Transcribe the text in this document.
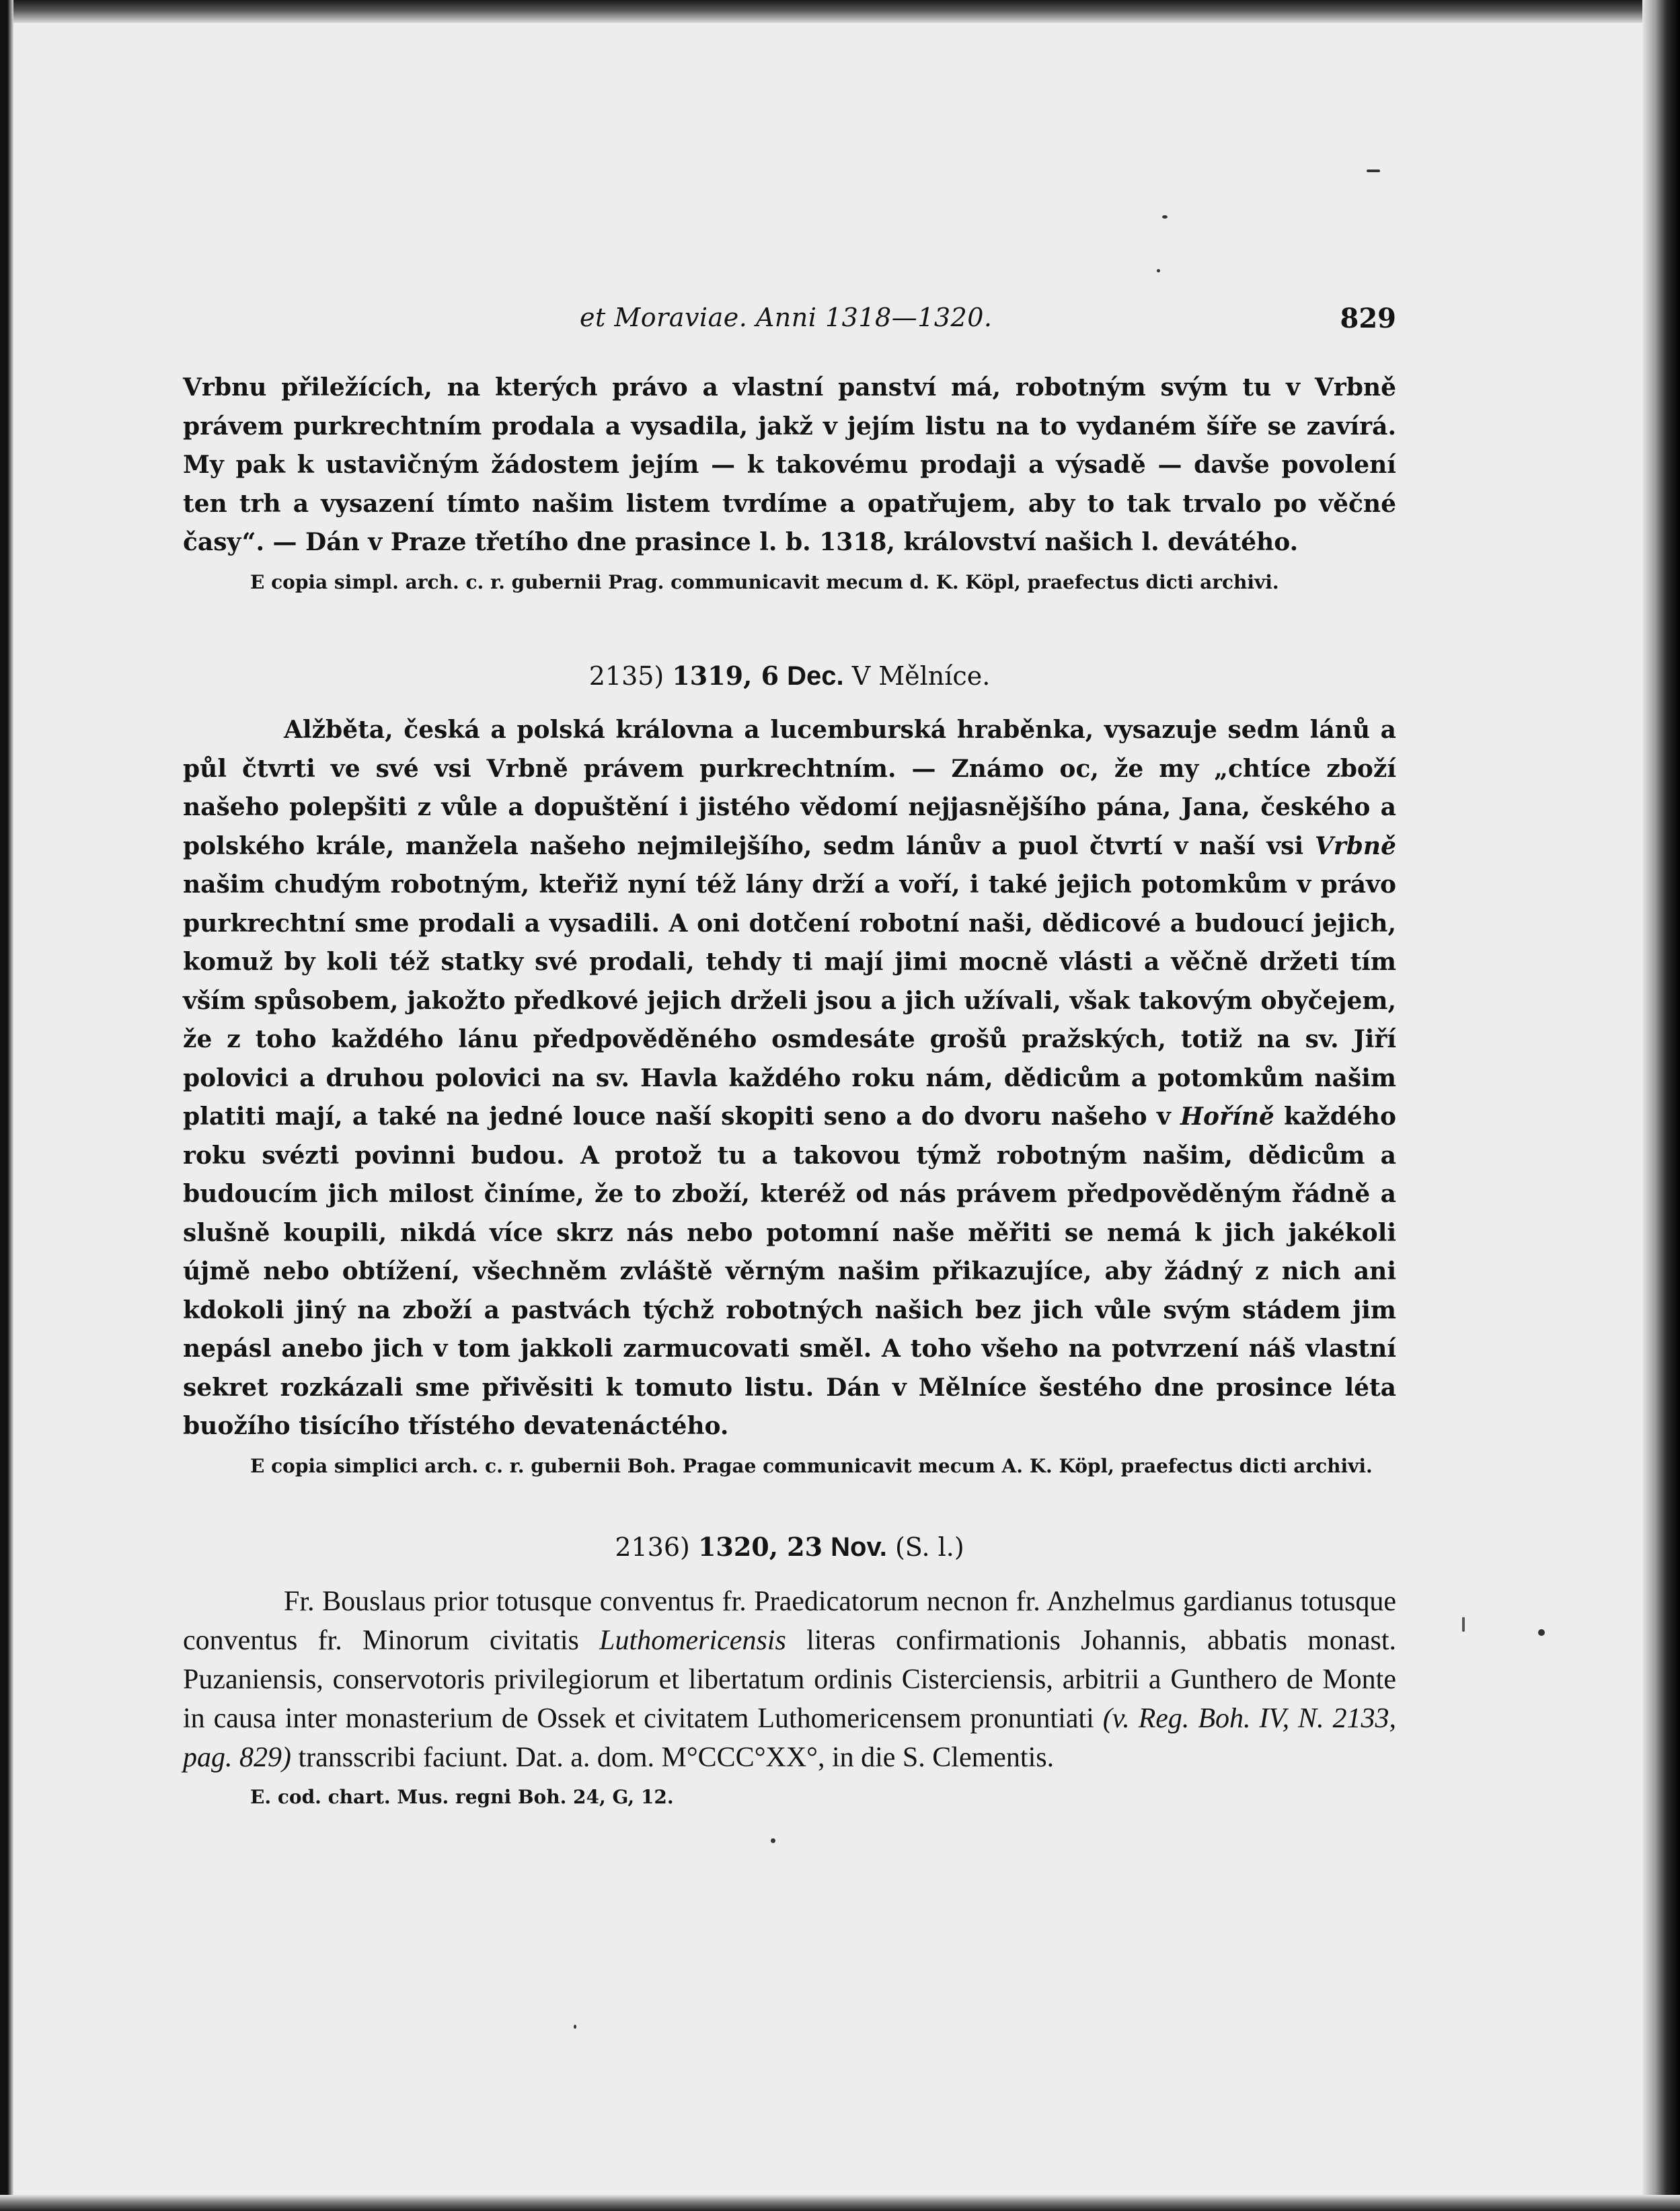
et Moraviae. Anni 1318—1320.	829

Vrbnu přiležících, na kterých právo a vlastní panství má, robotným svým tu v Vrbně právem purkrechtním prodala a vysadila, jakž v jejím listu na to vydaném šíře se zavírá. My pak k ustavičným žádostem jejím — k takovému prodaji a výsadě — davše povolení ten trh a vysazení tímto našim listem tvrdíme a opatřujem, aby to tak trvalo po věčné časy“. — Dán v Praze třetího dne prasince l. b. 1318, království našich l. devátého.

E copia simpl. arch. c. r. gubernii Prag. communicavit mecum d. K. Köpl, praefectus dicti archivi.

2135) 1319, 6 Dec. V Mělníce.

Alžběta, česká a polská královna a lucemburská hraběnka, vysazuje sedm lánů a půl čtvrti ve své vsi Vrbně právem purkrechtním. — Známo oc, že my „chtíce zboží našeho polepšiti z vůle a dopuštění i jistého vědomí nejjasnějšího pána, Jana, českého a polského krále, manžela našeho nejmilejšího, sedm lánův a puol čtvrtí v naší vsi Vrbně našim chudým robotným, kteřiž nyní též lány drží a voří, i také jejich potomkům v právo purkrechtní sme prodali a vysadili. A oni dotčení robotní naši, dědicové a budoucí jejich, komuž by koli též statky své prodali, tehdy ti mají jimi mocně vlásti a věčně držeti tím vším spůsobem, jakožto předkové jejich drželi jsou a jich užívali, však takovým obyčejem, že z toho každého lánu předpověděného osmdesáte grošů pražských, totiž na sv. Jiří polovici a druhou polovici na sv. Havla každého roku nám, dědicům a potomkům našim platiti mají, a také na jedné louce naší skopiti seno a do dvoru našeho v Hoříně každého roku svézti povinni budou. A protož tu a takovou týmž robotným našim, dědicům a budoucím jich milost činíme, že to zboží, kteréž od nás právem předpověděným řádně a slušně koupili, nikdá více skrz nás nebo potomní naše měřiti se nemá k jich jakékoli újmě nebo obtížení, všechněm zvláště věrným našim přikazujíce, aby žádný z nich ani kdokoli jiný na zboží a pastvách týchž robotných našich bez jich vůle svým stádem jim nepásl anebo jich v tom jakkoli zarmucovati směl. A toho všeho na potvrzení náš vlastní sekret rozkázali sme přivěsiti k tomuto listu. Dán v Mělníce šestého dne prosince léta buožího tisícího třístého devatenáctého.

E copia simplici arch. c. r. gubernii Boh. Pragae communicavit mecum A. K. Köpl, praefectus dicti archivi.

2136) 1320, 23 Nov. (S. l.)

Fr. Bouslaus prior totusque conventus fr. Praedicatorum necnon fr. Anzhelmus gardianus totusque conventus fr. Minorum civitatis Luthomericensis literas confirmationis Johannis, abbatis monast. Puzaniensis, conservotoris privilegiorum et libertatum ordinis Cisterciensis, arbitrii a Gunthero de Monte in causa inter monasterium de Ossek et civitatem Luthomericensem pronuntiati (v. Reg. Boh. IV, N. 2133, pag. 829) transscribi faciunt. Dat. a. dom. M°CCC°XX°, in die S. Clementis.

E. cod. chart. Mus. regni Boh. 24, G, 12.
